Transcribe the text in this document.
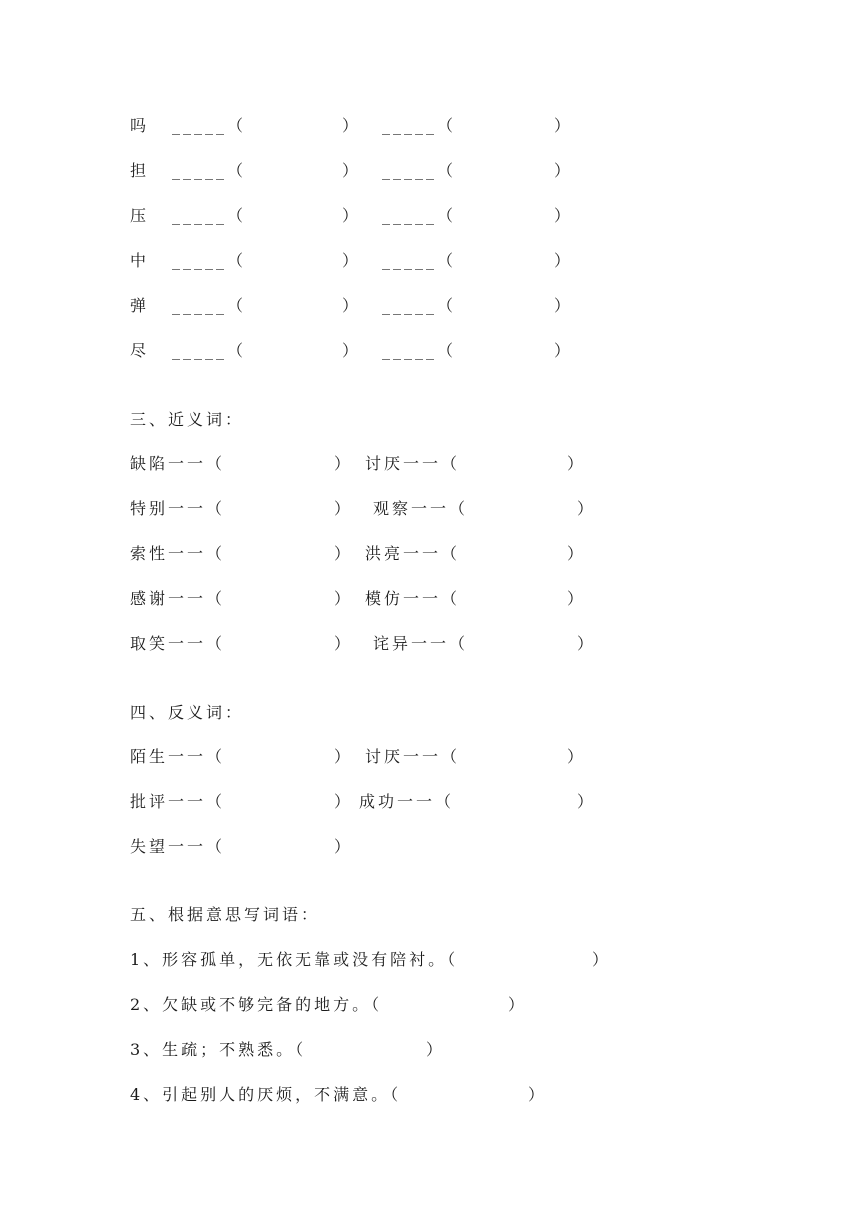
吗 _____（	） _____（	）
担 _____（	） _____（	）
压 _____（	） _____（	）
中 _____（	） _____（	）
弹 _____（	） _____（	）
尽 _____（	） _____（	）
三、近义词：
缺陷一一（	） 讨厌一一（	）
特别一一（	） 观察一一（	）
索性一一（	） 洪亮一一（	）
感谢一一（	） 模仿一一（	）
取笑一一（	） 诧异一一（	）
四、反义词：
陌生一一（	） 讨厌一一（	）
批评一一（	） 成功一一（	）
失望一一（	）
五、根据意思写词语：
1、形容孤单，无依无靠或没有陪衬。（	）
2、欠缺或不够完备的地方。（	）
3、生疏；不熟悉。（	）
4、引起别人的厌烦，不满意。（	）
